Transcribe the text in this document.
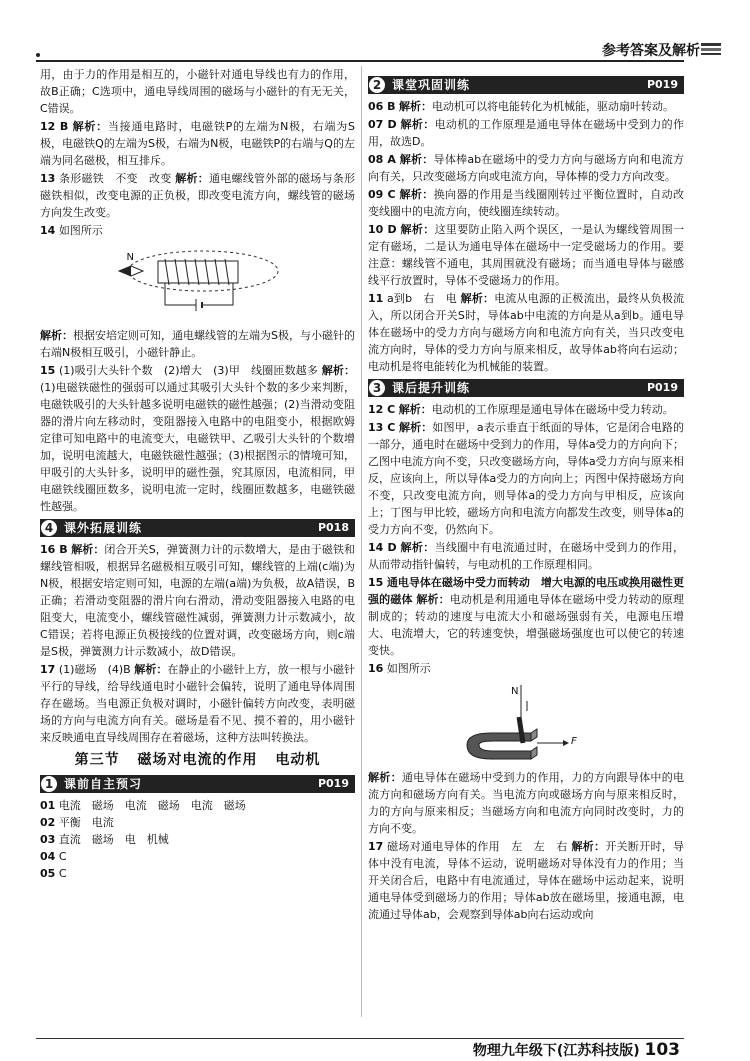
参考答案及解析

用，由于力的作用是相互的，小磁针对通电导线也有力的作用，故B正确；C选项中，通电导线周围的磁场与小磁针的有无无关，C错误。

12 B 解析：当接通电路时，电磁铁P的左端为N极，右端为S极，电磁铁Q的左端为S极，右端为N极，电磁铁P的右端与Q的左端为同名磁极，相互排斥。

13 条形磁铁　不变　改变 解析：通电螺线管外部的磁场与条形磁铁相似，改变电源的正负极，即改变电流方向，螺线管的磁场方向发生改变。

14 如图所示

N

解析：根据安培定则可知，通电螺线管的左端为S极，与小磁针的右端N极相互吸引，小磁针静止。

15 (1)吸引大头针个数　(2)增大　(3)甲　线圈匝数越多 解析：(1)电磁铁磁性的强弱可以通过其吸引大头针个数的多少来判断，电磁铁吸引的大头针越多说明电磁铁的磁性越强；(2)当滑动变阻器的滑片向左移动时，变阻器接入电路中的电阻变小，根据欧姆定律可知电路中的电流变大，电磁铁甲、乙吸引大头针的个数增加，说明电流越大，电磁铁磁性越强；(3)根据图示的情境可知，甲吸引的大头针多，说明甲的磁性强，究其原因，电流相同，甲电磁铁线圈匝数多，说明电流一定时，线圈匝数越多，电磁铁磁性越强。

4 课外拓展训练	P018

16 B 解析：闭合开关S，弹簧测力计的示数增大，是由于磁铁和螺线管相吸，根据异名磁极相互吸引可知，螺线管的上端(c端)为N极，根据安培定则可知，电源的左端(a端)为负极，故A错误，B正确；若滑动变阻器的滑片向右滑动，滑动变阻器接入电路的电阻变大，电流变小，螺线管磁性减弱，弹簧测力计示数减小，故C错误；若将电源正负极接线的位置对调，改变磁场方向，则c端是S极，弹簧测力计示数减小，故D错误。

17 (1)磁场　(4)B 解析：在静止的小磁针上方，放一根与小磁针平行的导线，给导线通电时小磁针会偏转，说明了通电导体周围存在磁场。当电源正负极对调时，小磁针偏转方向改变，表明磁场的方向与电流方向有关。磁场是看不见、摸不着的，用小磁针来反映通电直导线周围存在着磁场，这种方法叫转换法。

第三节 磁场对电流的作用 电动机
1 课前自主预习	P019
01 电流　磁场　电流　磁场　电流　磁场
02 平衡　电流
03 直流　磁场　电　机械
04 C
05 C
2 课堂巩固训练	P019

06 B 解析：电动机可以将电能转化为机械能，驱动扇叶转动。

07 D 解析：电动机的工作原理是通电导体在磁场中受到力的作用，故选D。

08 A 解析：导体棒ab在磁场中的受力方向与磁场方向和电流方向有关，只改变磁场方向或电流方向，导体棒的受力方向改变。

09 C 解析：换向器的作用是当线圈刚转过平衡位置时，自动改变线圈中的电流方向，使线圈连续转动。

10 D 解析：这里要防止陷入两个误区，一是认为螺线管周围一定有磁场，二是认为通电导体在磁场中一定受磁场力的作用。要注意：螺线管不通电，其周围就没有磁场；而当通电导体与磁感线平行放置时，导体不受磁场力的作用。

11 a到b　右　电 解析：电流从电源的正极流出，最终从负极流入，所以闭合开关S时，导体ab中电流的方向是从a到b。通电导体在磁场中的受力方向与磁场方向和电流方向有关，当只改变电流方向时，导体的受力方向与原来相反，故导体ab将向右运动；电动机是将电能转化为机械能的装置。

3 课后提升训练	P019

12 C 解析：电动机的工作原理是通电导体在磁场中受力转动。

13 C 解析：如图甲，a表示垂直于纸面的导体，它是闭合电路的一部分，通电时在磁场中受到力的作用，导体a受力的方向向下；乙图中电流方向不变，只改变磁场方向，导体a受力方向与原来相反，应该向上，所以导体a受力的方向向上；丙图中保持磁场方向不变，只改变电流方向，则导体a的受力方向与甲相反，应该向上；丁图与甲比较，磁场方向和电流方向都发生改变，则导体a的受力方向不变，仍然向下。

14 D 解析：当线圈中有电流通过时，在磁场中受到力的作用，从而带动指针偏转，与电动机的工作原理相同。

15 通电导体在磁场中受力而转动　增大电源的电压或换用磁性更强的磁体 解析：电动机是利用通电导体在磁场中受力转动的原理制成的；转动的速度与电流大小和磁场强弱有关，电源电压增大、电流增大，它的转速变快，增强磁场强度也可以使它的转速变快。

16 如图所示

N
F

解析：通电导体在磁场中受到力的作用，力的方向跟导体中的电流方向和磁场方向有关。当电流方向或磁场方向与原来相反时，力的方向与原来相反；当磁场方向和电流方向同时改变时，力的方向不变。

17 磁场对通电导体的作用　左　左　右 解析：开关断开时，导体中没有电流，导体不运动，说明磁场对导体没有力的作用；当开关闭合后，电路中有电流通过，导体在磁场中运动起来，说明通电导体受到磁场力的作用；导体ab放在磁场里，接通电源，电流通过导体ab，会观察到导体ab向右运动或向

物理九年级下(江苏科技版) 103
